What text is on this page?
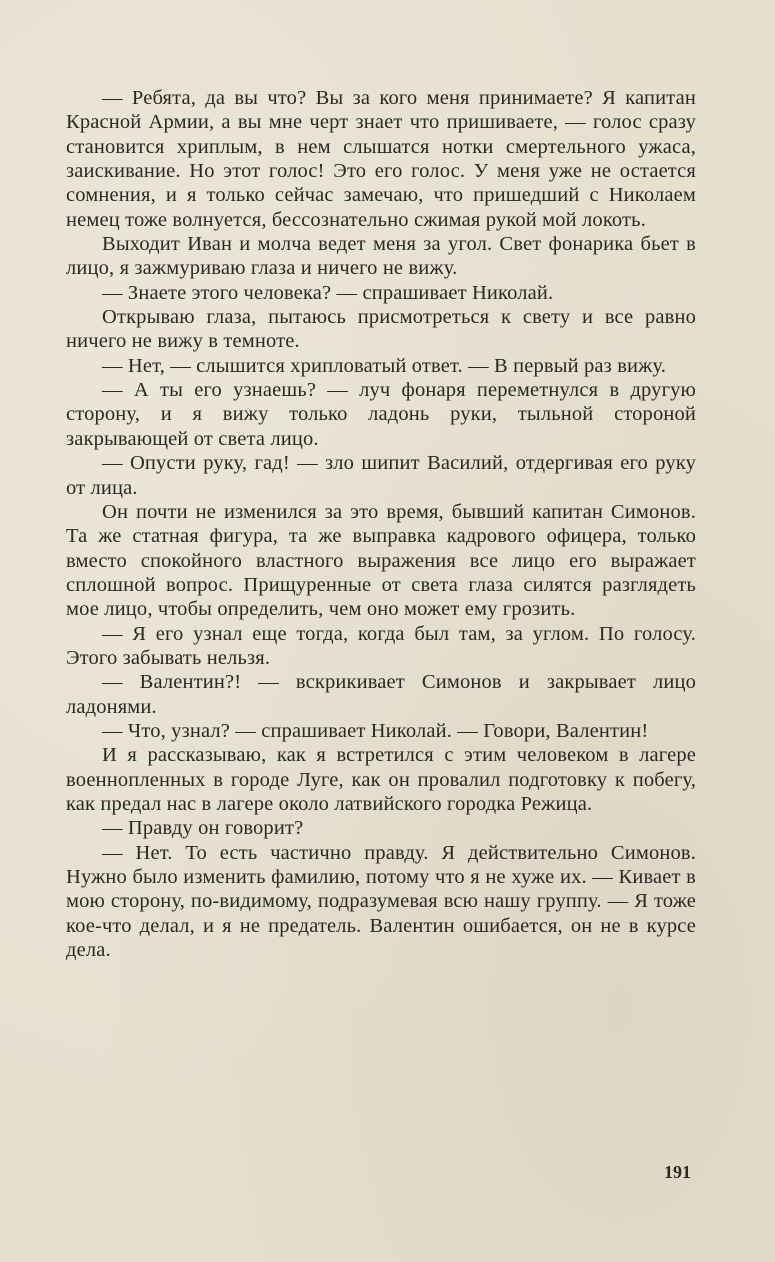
— Ребята, да вы что? Вы за кого меня принимаете? Я капитан Красной Армии, а вы мне черт знает что пришиваете, — голос сразу становится хриплым, в нем слышатся нотки смертельного ужаса, заискивание. Но этот голос! Это его голос. У меня уже не остается сомнения, и я только сейчас замечаю, что пришедший с Николаем немец тоже волнуется, бессознательно сжимая рукой мой локоть.

Выходит Иван и молча ведет меня за угол. Свет фонарика бьет в лицо, я зажмуриваю глаза и ничего не вижу.

— Знаете этого человека? — спрашивает Николай.

Открываю глаза, пытаюсь присмотреться к свету и все равно ничего не вижу в темноте.

— Нет, — слышится хрипловатый ответ. — В первый раз вижу.

— А ты его узнаешь? — луч фонаря переметнулся в другую сторону, и я вижу только ладонь руки, тыльной стороной закрывающей от света лицо.

— Опусти руку, гад! — зло шипит Василий, отдергивая его руку от лица.

Он почти не изменился за это время, бывший капитан Симонов. Та же статная фигура, та же выправка кадрового офицера, только вместо спокойного властного выражения все лицо его выражает сплошной вопрос. Прищуренные от света глаза силятся разглядеть мое лицо, чтобы определить, чем оно может ему грозить.

— Я его узнал еще тогда, когда был там, за углом. По голосу. Этого забывать нельзя.

— Валентин?! — вскрикивает Симонов и закрывает лицо ладонями.

— Что, узнал? — спрашивает Николай. — Говори, Валентин!

И я рассказываю, как я встретился с этим человеком в лагере военнопленных в городе Луге, как он провалил подготовку к побегу, как предал нас в лагере около латвийского городка Режица.

— Правду он говорит?

— Нет. То есть частично правду. Я действительно Симонов. Нужно было изменить фамилию, потому что я не хуже их. — Кивает в мою сторону, по-видимому, подразумевая всю нашу группу. — Я тоже кое-что делал, и я не предатель. Валентин ошибается, он не в курсе дела.

191
